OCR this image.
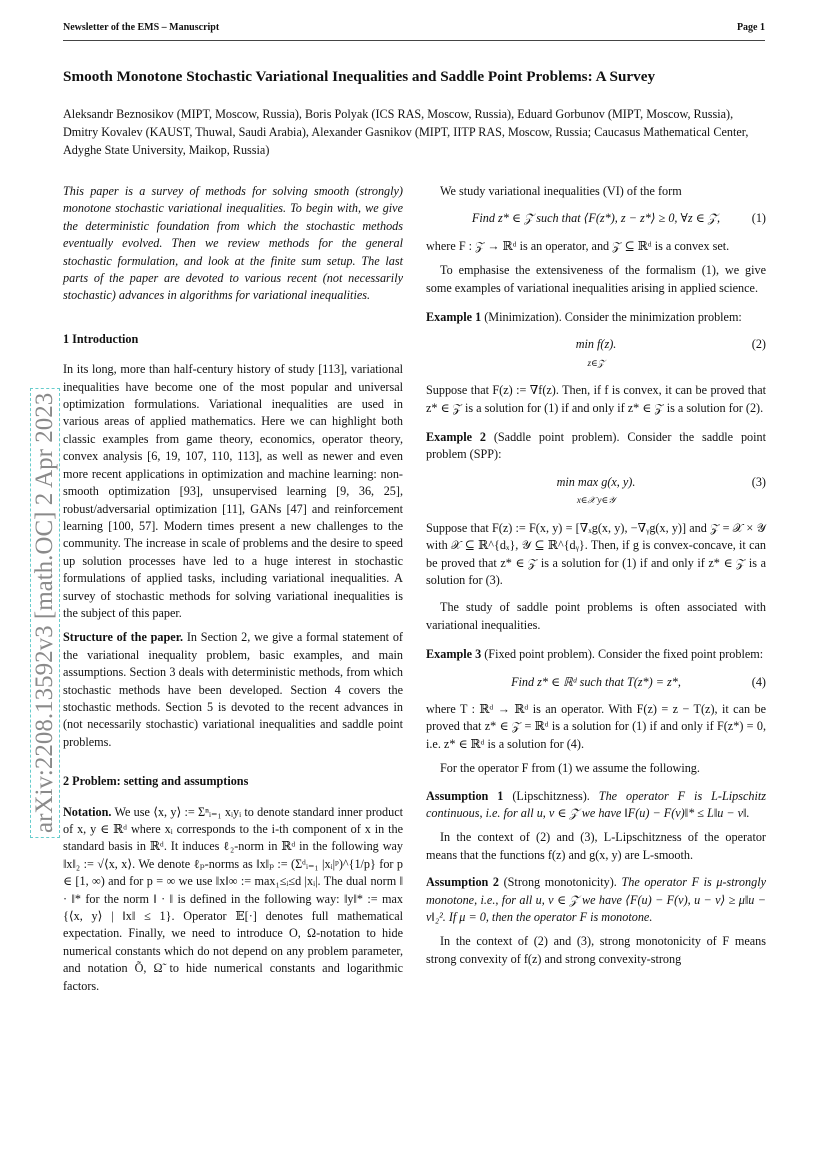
Newsletter of the EMS – Manuscript	Page 1
Smooth Monotone Stochastic Variational Inequalities and Saddle Point Problems: A Survey
Aleksandr Beznosikov (MIPT, Moscow, Russia), Boris Polyak (ICS RAS, Moscow, Russia), Eduard Gorbunov (MIPT, Moscow, Russia), Dmitry Kovalev (KAUST, Thuwal, Saudi Arabia), Alexander Gasnikov (MIPT, IITP RAS, Moscow, Russia; Caucasus Mathematical Center, Adyghe State University, Maikop, Russia)
arXiv:2208.13592v3 [math.OC] 2 Apr 2023

This paper is a survey of methods for solving smooth (strongly) monotone stochastic variational inequalities. To begin with, we give the deterministic foundation from which the stochastic methods eventually evolved. Then we review methods for the general stochastic formulation, and look at the finite sum setup. The last parts of the paper are devoted to various recent (not necessarily stochastic) advances in algorithms for variational inequalities.

1 Introduction

In its long, more than half-century history of study [113], variational inequalities have become one of the most popular and universal optimization formulations. Variational inequalities are used in various areas of applied mathematics. Here we can highlight both classic examples from game theory, economics, operator theory, convex analysis [6, 19, 107, 110, 113], as well as newer and even more recent applications in optimization and machine learning: non-smooth optimization [93], unsupervised learning [9, 36, 25], robust/adversarial optimization [11], GANs [47] and reinforcement learning [100, 57]. Modern times present a new challenges to the community. The increase in scale of problems and the desire to speed up solution processes have led to a huge interest in stochastic formulations of applied tasks, including variational inequalities. A survey of stochastic methods for solving variational inequalities is the subject of this paper.

Structure of the paper. In Section 2, we give a formal statement of the variational inequality problem, basic examples, and main assumptions. Section 3 deals with deterministic methods, from which stochastic methods have been developed. Section 4 covers the stochastic methods. Section 5 is devoted to the recent advances in (not necessarily stochastic) variational inequalities and saddle point problems.

2 Problem: setting and assumptions

Notation. We use ⟨x, y⟩ := Σⁿᵢ₌₁ xᵢyᵢ to denote standard inner product of x, y ∈ ℝᵈ where xᵢ corresponds to the i-th component of x in the standard basis in ℝᵈ. It induces ℓ₂-norm in ℝᵈ in the following way ‖x‖₂ := √⟨x, x⟩. We denote ℓₚ-norms as ‖x‖ₚ := (Σᵈᵢ₌₁ |xᵢ|ᵖ)^{1/p} for p ∈ [1, ∞) and for p = ∞ we use ‖x‖∞ := max₁≤ᵢ≤d |xᵢ|. The dual norm ‖ · ‖* for the norm ‖ · ‖ is defined in the following way: ‖y‖* := max {⟨x, y⟩ | ‖x‖ ≤ 1}. Operator 𝔼[·] denotes full mathematical expectation. Finally, we need to introduce O, Ω-notation to hide numerical constants which do not depend on any problem parameter, and notation Õ, Ω̃ to hide numerical constants and logarithmic factors.

We study variational inequalities (VI) of the form

Find z* ∈ 𝒵 such that ⟨F(z*), z − z*⟩ ≥ 0, ∀z ∈ 𝒵,	(1)

where F : 𝒵 → ℝᵈ is an operator, and 𝒵 ⊆ ℝᵈ is a convex set.

To emphasise the extensiveness of the formalism (1), we give some examples of variational inequalities arising in applied science.

Example 1 (Minimization). Consider the minimization problem:

min f(z).
z∈𝒵
(2)

Suppose that F(z) := ∇f(z). Then, if f is convex, it can be proved that z* ∈ 𝒵 is a solution for (1) if and only if z* ∈ 𝒵 is a solution for (2).

Example 2 (Saddle point problem). Consider the saddle point problem (SPP):

min max g(x, y).
x∈𝒳 y∈𝒴
(3)

Suppose that F(z) := F(x, y) = [∇ₓg(x, y), −∇ᵧg(x, y)] and 𝒵 = 𝒳 × 𝒴 with 𝒳 ⊆ ℝ^{dₓ}, 𝒴 ⊆ ℝ^{dᵧ}. Then, if g is convex-concave, it can be proved that z* ∈ 𝒵 is a solution for (1) if and only if z* ∈ 𝒵 is a solution for (3).

The study of saddle point problems is often associated with variational inequalities.

Example 3 (Fixed point problem). Consider the fixed point problem:

Find z* ∈ ℝᵈ such that T(z*) = z*,	(4)

where T : ℝᵈ → ℝᵈ is an operator. With F(z) = z − T(z), it can be proved that z* ∈ 𝒵 = ℝᵈ is a solution for (1) if and only if F(z*) = 0, i.e. z* ∈ ℝᵈ is a solution for (4).

For the operator F from (1) we assume the following.

Assumption 1 (Lipschitzness). The operator F is L-Lipschitz continuous, i.e. for all u, v ∈ 𝒵 we have ‖F(u) − F(v)‖* ≤ L‖u − v‖.

In the context of (2) and (3), L-Lipschitzness of the operator means that the functions f(z) and g(x, y) are L-smooth.

Assumption 2 (Strong monotonicity). The operator F is μ-strongly monotone, i.e., for all u, v ∈ 𝒵 we have ⟨F(u) − F(v), u − v⟩ ≥ μ‖u − v‖₂². If μ = 0, then the operator F is monotone.

In the context of (2) and (3), strong monotonicity of F means strong convexity of f(z) and strong convexity-strong
